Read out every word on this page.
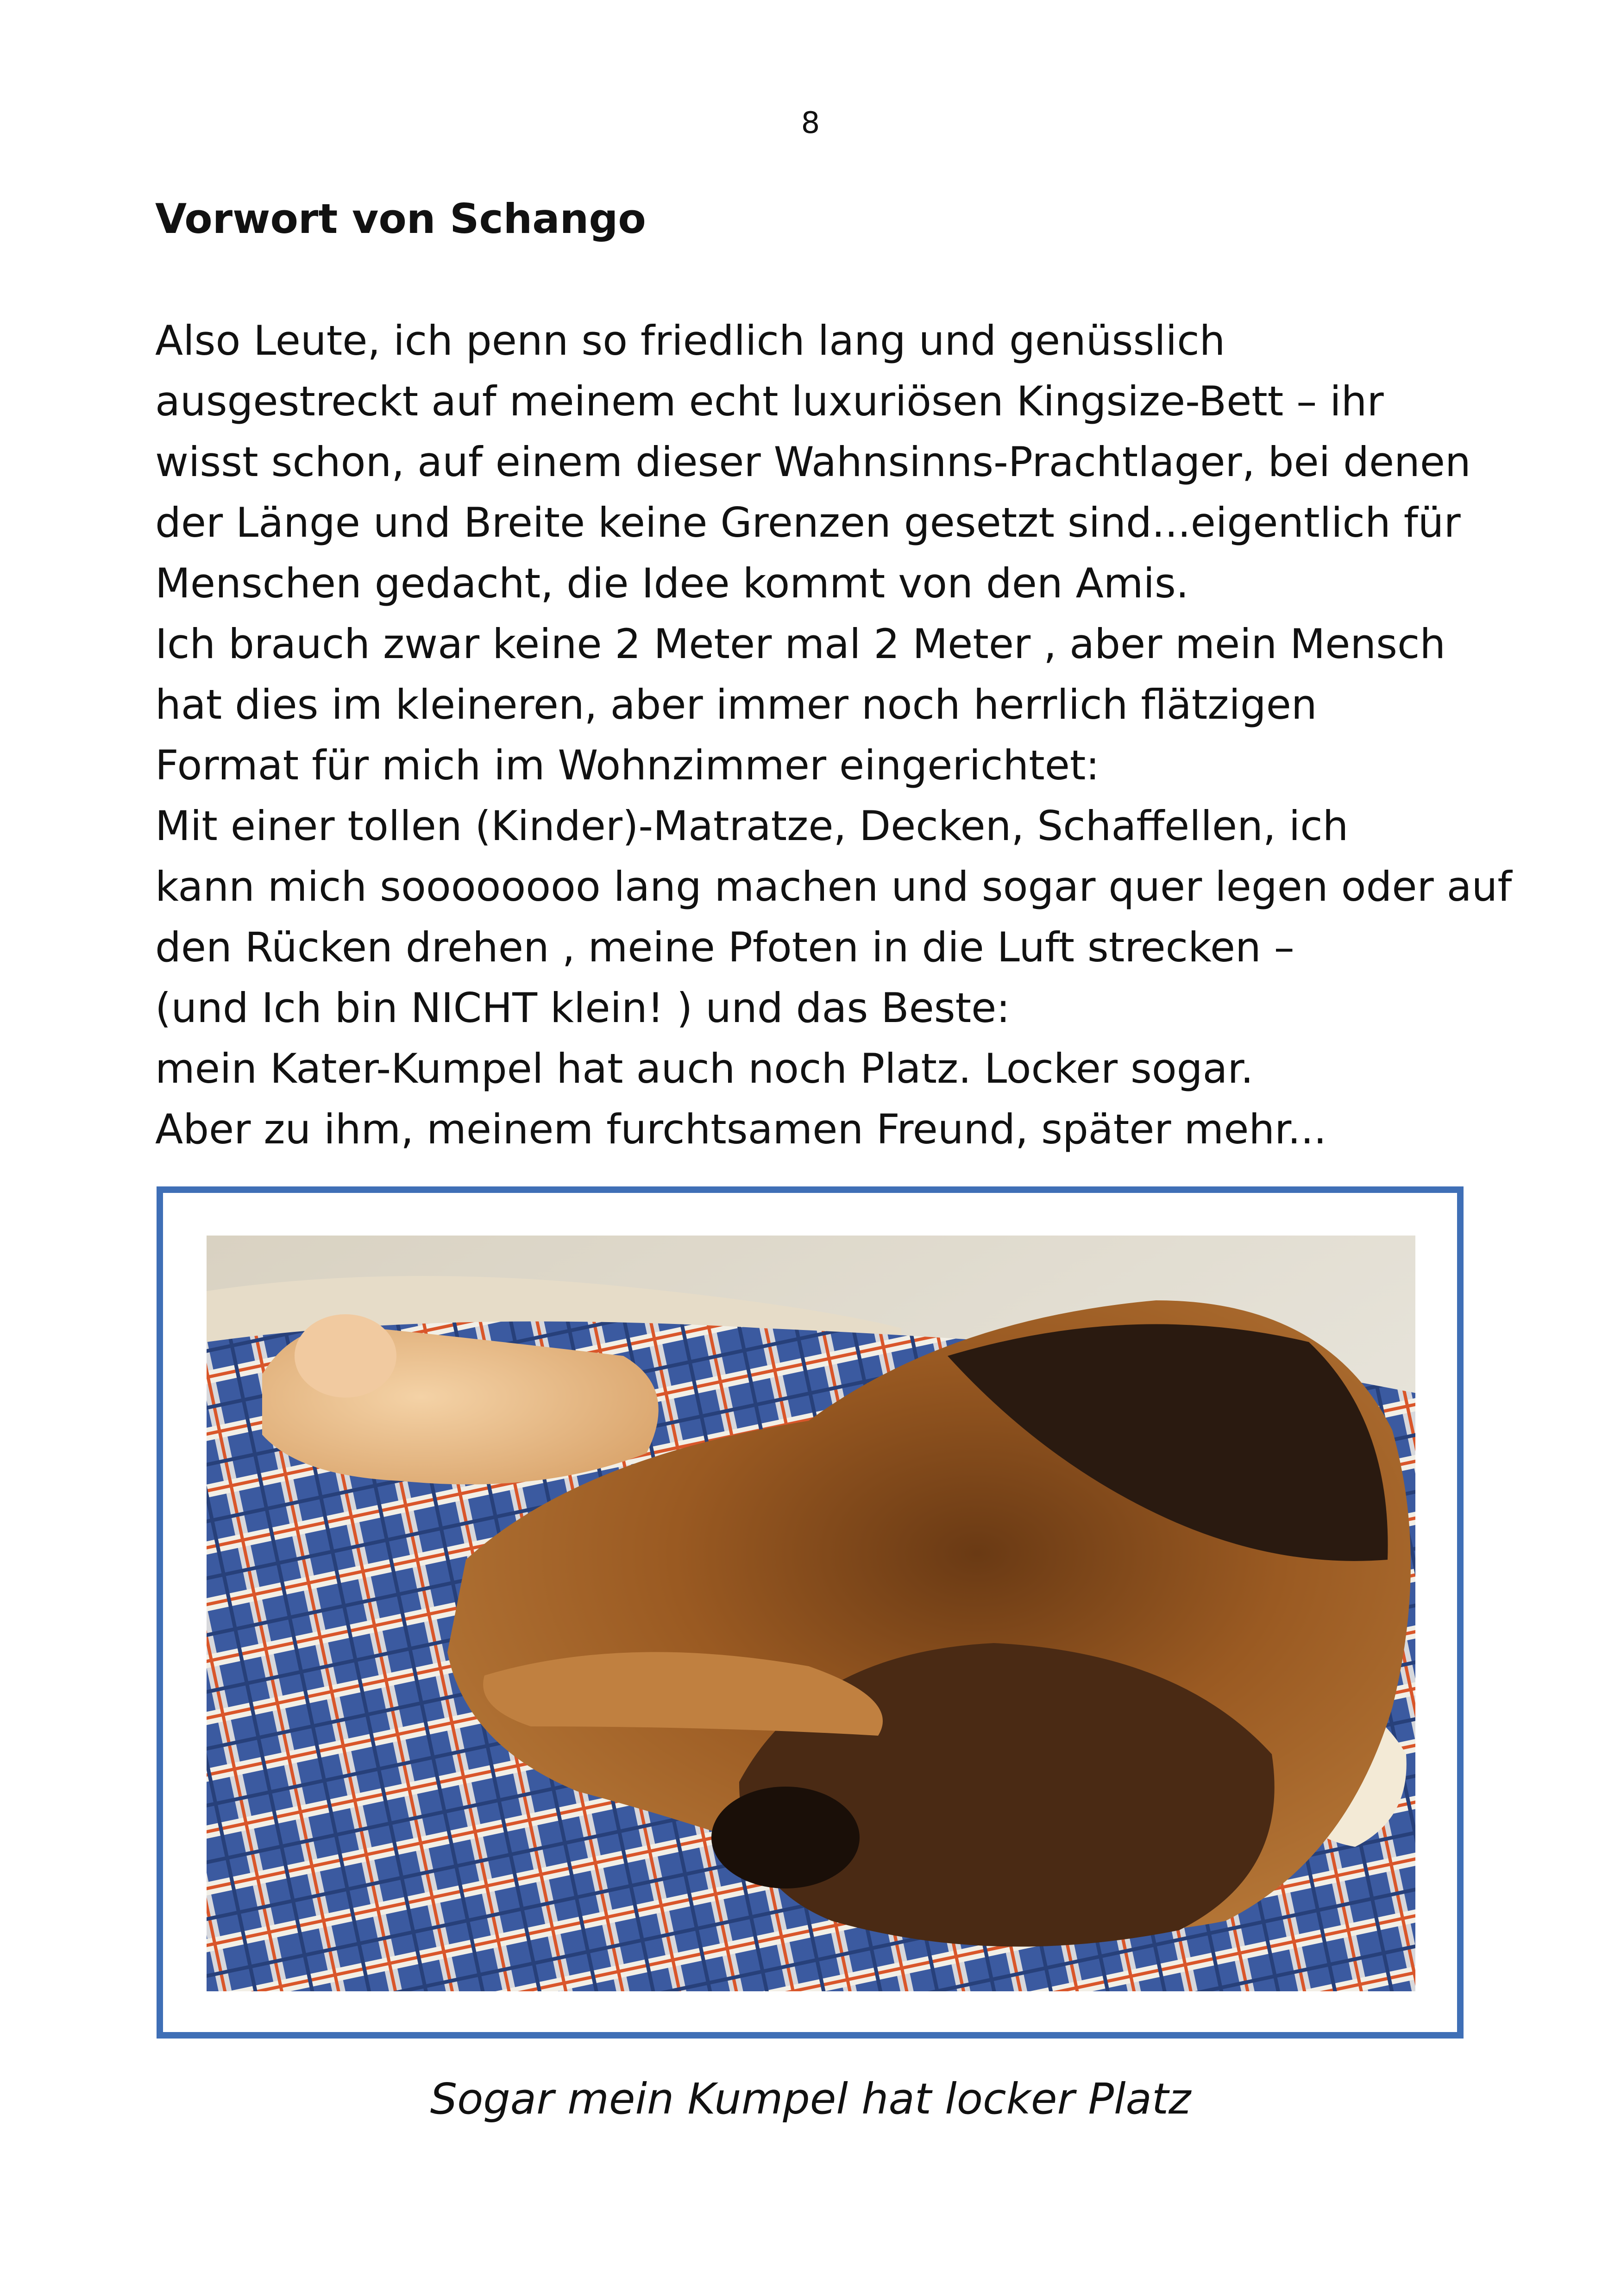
8
Vorwort von Schango
Also Leute, ich penn so friedlich lang und genüsslich
ausgestreckt auf meinem echt luxuriösen Kingsize-Bett – ihr
wisst schon, auf einem dieser Wahnsinns-Prachtlager, bei denen
der Länge und Breite keine Grenzen gesetzt sind...eigentlich für
Menschen gedacht, die Idee kommt von den Amis.
Ich brauch zwar keine 2 Meter mal 2 Meter , aber mein Mensch
hat dies im kleineren, aber immer noch herrlich flätzigen
Format für mich im Wohnzimmer eingerichtet:
Mit einer tollen (Kinder)-Matratze, Decken, Schaffellen, ich
kann mich soooooooo lang machen und sogar quer legen oder auf
den Rücken drehen , meine Pfoten in die Luft strecken –
(und Ich bin NICHT klein! ) und das Beste:
mein Kater-Kumpel hat auch noch Platz. Locker sogar.
Aber zu ihm, meinem furchtsamen Freund, später mehr...

Sogar mein Kumpel hat locker Platz
